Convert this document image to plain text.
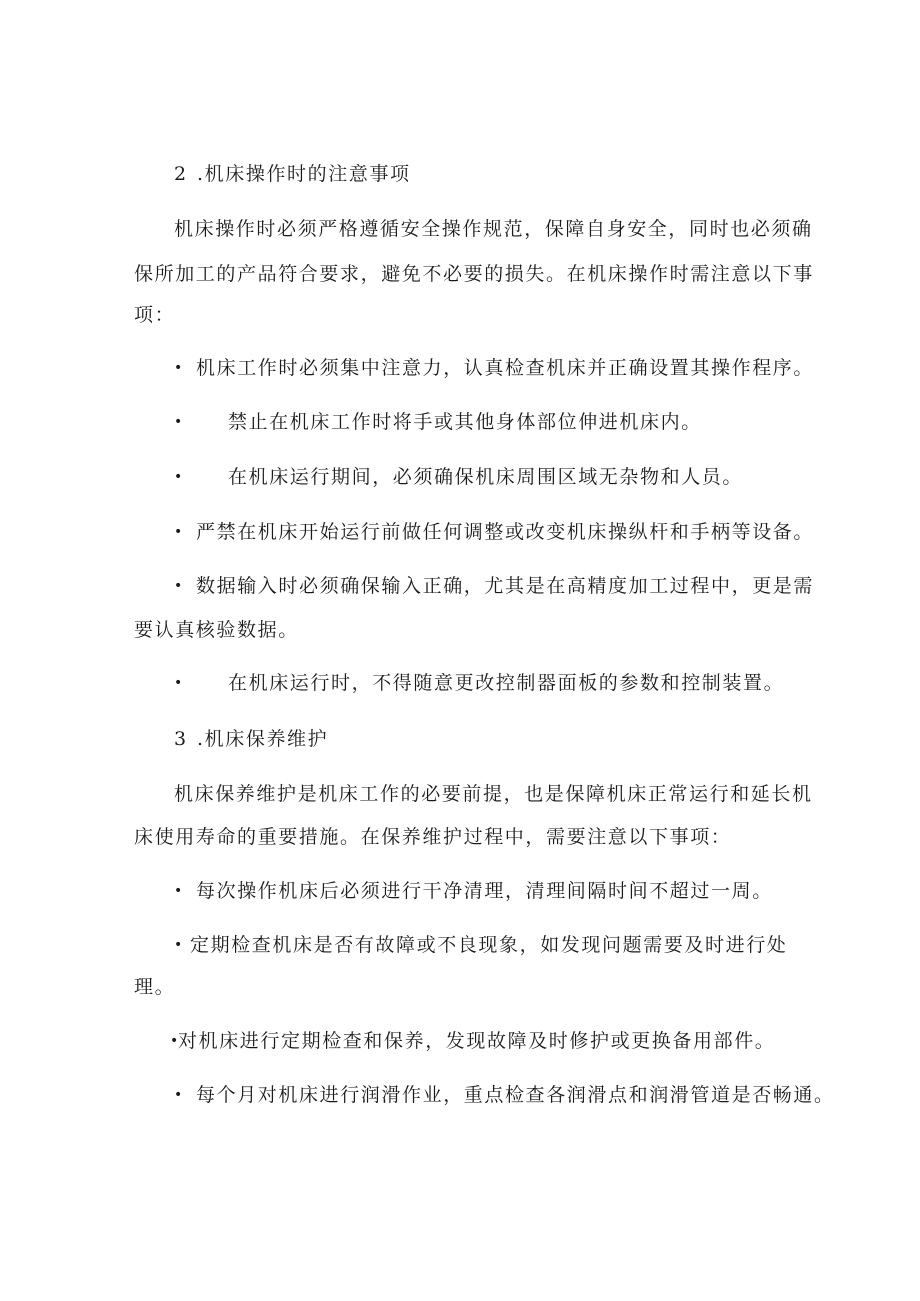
2 .机床操作时的注意事项
机床操作时必须严格遵循安全操作规范，保障自身安全，同时也必须确
保所加工的产品符合要求，避免不必要的损失。在机床操作时需注意以下事
项：
• 机床工作时必须集中注意力，认真检查机床并正确设置其操作程序。
• 禁止在机床工作时将手或其他身体部位伸进机床内。
• 在机床运行期间，必须确保机床周围区域无杂物和人员。
• 严禁在机床开始运行前做任何调整或改变机床操纵杆和手柄等设备。
• 数据输入时必须确保输入正确，尤其是在高精度加工过程中，更是需
要认真核验数据。
• 在机床运行时，不得随意更改控制器面板的参数和控制装置。
3 .机床保养维护
机床保养维护是机床工作的必要前提，也是保障机床正常运行和延长机
床使用寿命的重要措施。在保养维护过程中，需要注意以下事项：
• 每次操作机床后必须进行干净清理，清理间隔时间不超过一周。
• 定期检查机床是否有故障或不良现象，如发现问题需要及时进行处
理。
•
对机床进行定期检查和保养，发现故障及时修护或更换备用部件。
• 每个月对机床进行润滑作业，重点检查各润滑点和润滑管道是否畅通。
